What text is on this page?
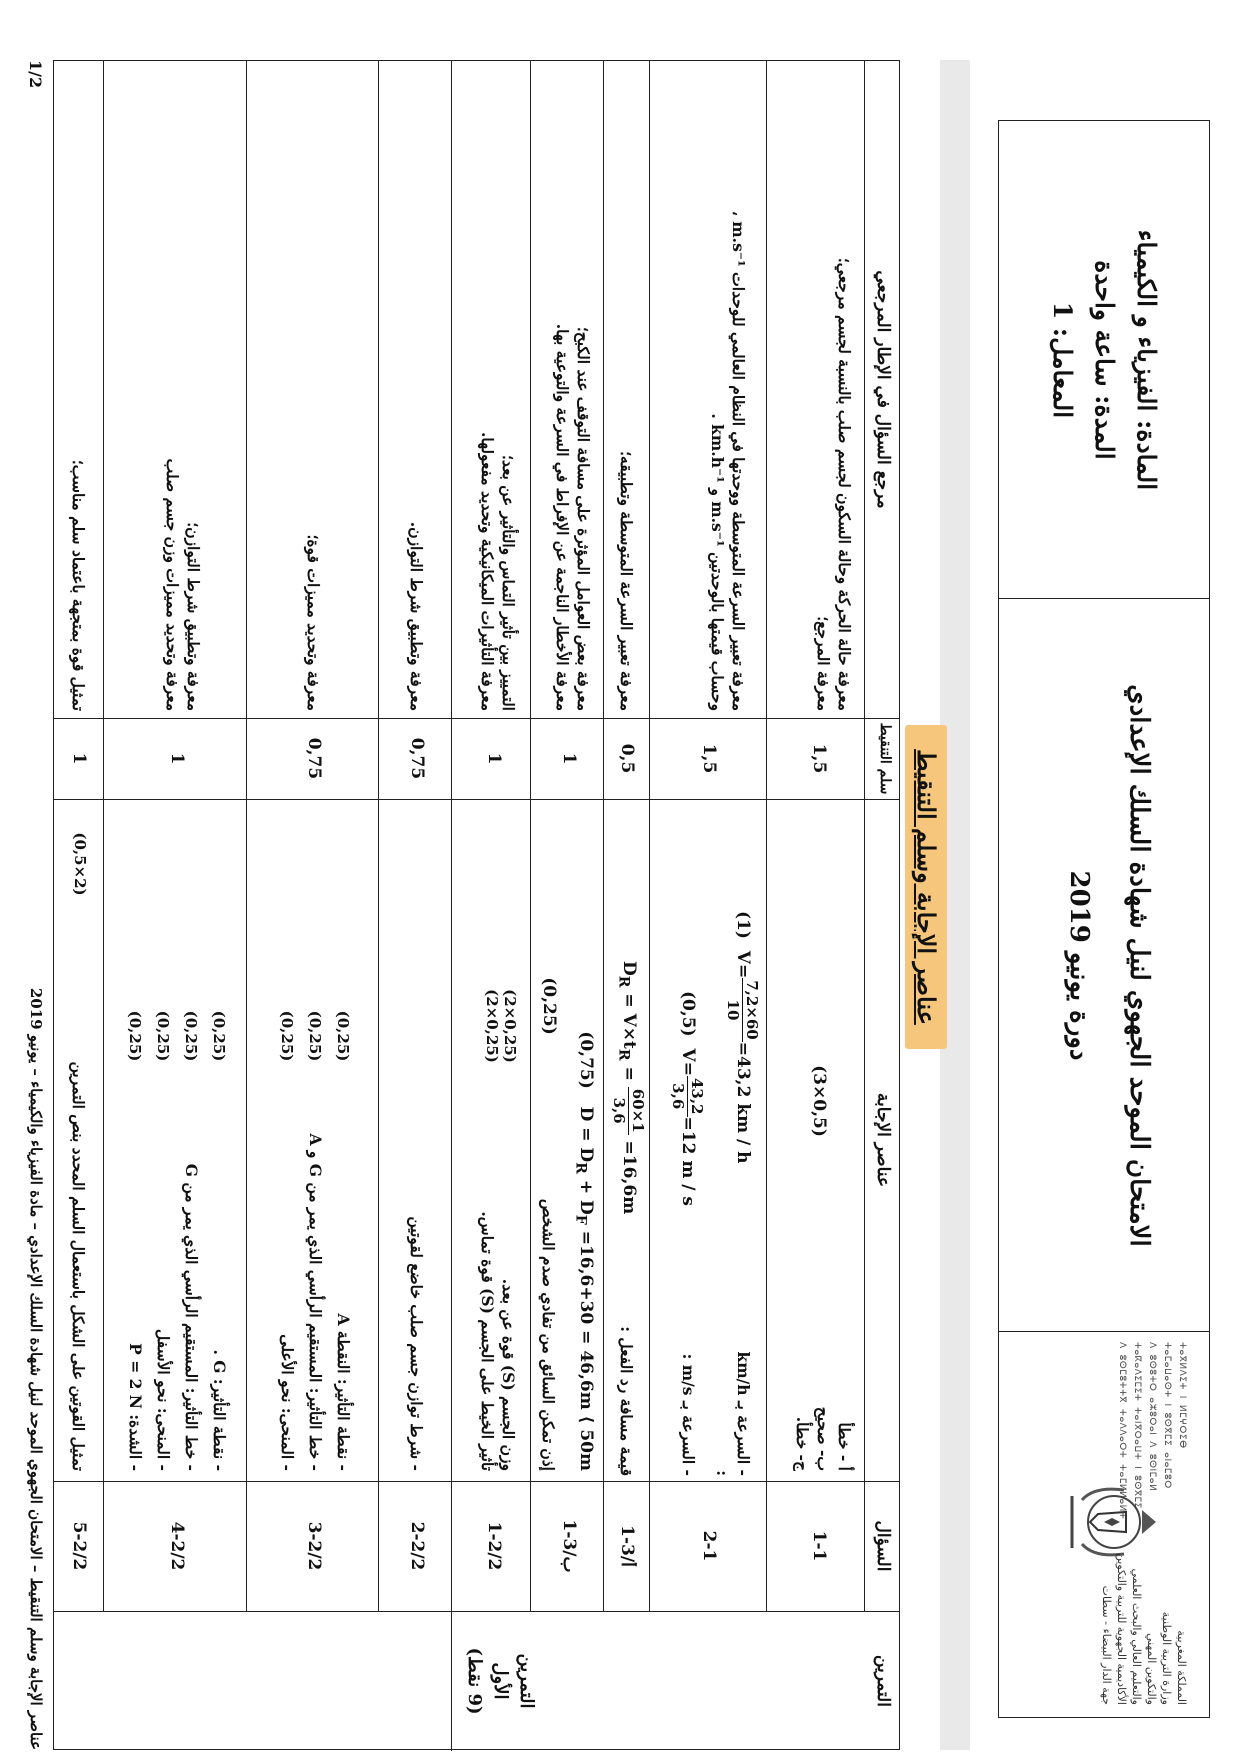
المادة: الفيزياء و الكيمياء
المدة: ساعة واحدة
المعامل: 1
الامتحان الموحد الجهوي لنيل شهادة السلك الإعدادي
دورة يونيو 2019
ⵜⴰⴳⵍⴷⵉⵜ ⵏ ⵍⵎⵖⵔⵉⴱ
ⵜⴰⵎⴰⵡⴰⵙⵜ ⵏ ⵓⵙⴳⵎⵉ ⴰⵏⴰⵎⵓⵔ
ⴷ ⵓⵙⵓⵜⵔ ⴰⵣⵓⵔⴰⵏ ⴷ ⵓⵙⵏⵎⴰⵍ
ⵜⴰⴽⴰⴷⵉⵎⵉⵜ ⵜⴰⵏⴳⵔⴰⵡⵜ ⵏ ⵓⵙⴳⵎⵉ
ⴷ ⵓⵙⵎⵓⵜⵜⴳ ⵜⴰⴷⴷⴰⵔⵜ ⵜⴰⵎⵍⵍⴰⵍⵜ
المملكة المغربية
وزارة التربية الوطنية
والتكوين المهني
والتعليم العالي والبحث العلمي
الأكاديمية الجهوية للتربية والتكوين
جهة الدار البيضاء - سطات
عناصر الإجابة وسلم التنقيط
مرجع السؤال في الإطار المرجعي
سلم التنقيط
عناصر الإجابة
السؤال
التمرين
التمرين
الأول
(9 نقط)
1-1
أ - خطأ
ب- صحيح
ج- خطأ.
(3×0,5)
1,5
معرفة حالة الحركة وحالة السكون لجسم صلب بالنسبة لجسم مرجعي؛
معرفة المرجع؛
2-1
- السرعة بـ km/h :
(1)  V=
7,2×60
10
=43,2 km / h
- السرعة بـ m/s :
(0,5)  V=
43,2
3,6
=12 m / s
1,5
معرفة تعبير السرعة المتوسطة ووحدتها في النظام العالمي للوحدات m.s⁻¹ ،
وحساب قيمتها بالوحدتين m.s⁻¹ و km.h⁻¹ .
1-3/أ
قيمة مسافة رد الفعل :
$D_R = V\times t_R$ =
60×1
3,6
=16,6m
0,5
معرفة تعبير السرعة المتوسطة وتطبيقه؛
1-3/ب
(0,75)   $D = D_R + D_F =16,6+30 = 46,6m$ ⟨ 50m
إذن تمكن السائق من تفادي صدم الشخص
(0,25)
1
معرفة بعض العوامل المؤثرة على مسافة التوقف عند الكبح؛
معرفة الأخطار الناجمة عن الإفراط في السرعة والتوعية بها.
1-2/2
وزن الجسم (S) قوة عن بعد.
تأثير الخيط على الجسم (S) قوة تماس.
(2×0,25)
(2×0,25)
1
التمييز بين تأثير التماس والتأثير عن بعد؛
معرفة التأثيرات الميكانيكية وتحديد مفعولها.
2-2/2
- شرط توازن جسم صلب خاضع لقوتين
0,75
معرفة وتطبيق شرط التوازن.
3-2/2
- نقطة التأثير: النقطة A
- خط التأثير: المستقيم الرأسي الذي يمر من G و A
- المنحى: نحو الأعلى
(0,25)
(0,25)
(0,25)
0,75
معرفة وتحديد مميزات قوة؛
4-2/2
- نقطة التأثير: G .
- خط التأثير: المستقيم الرأسي الذي يمر من G
- المنحى: نحو الأسفل
- الشدة: P = 2 N
(0,25)
(0,25)
(0,25)
(0,25)
1
معرفة وتطبيق شرط التوازن؛
معرفة وتحديد مميزات وزن جسم صلب
5-2/2
تمثيل القوتين على الشكل باستعمال السلم المحدد بنص التمرين
(0,5×2)
1
تمثيل قوة بمتجهة باعتماد سلم مناسب؛
1/2
عناصر الإجابة وسلم التنقيط – الامتحان الجهوي الموحد لنيل شهادة السلك الإعدادي – مادة الفيزياء والكيمياء – يونيو 2019
